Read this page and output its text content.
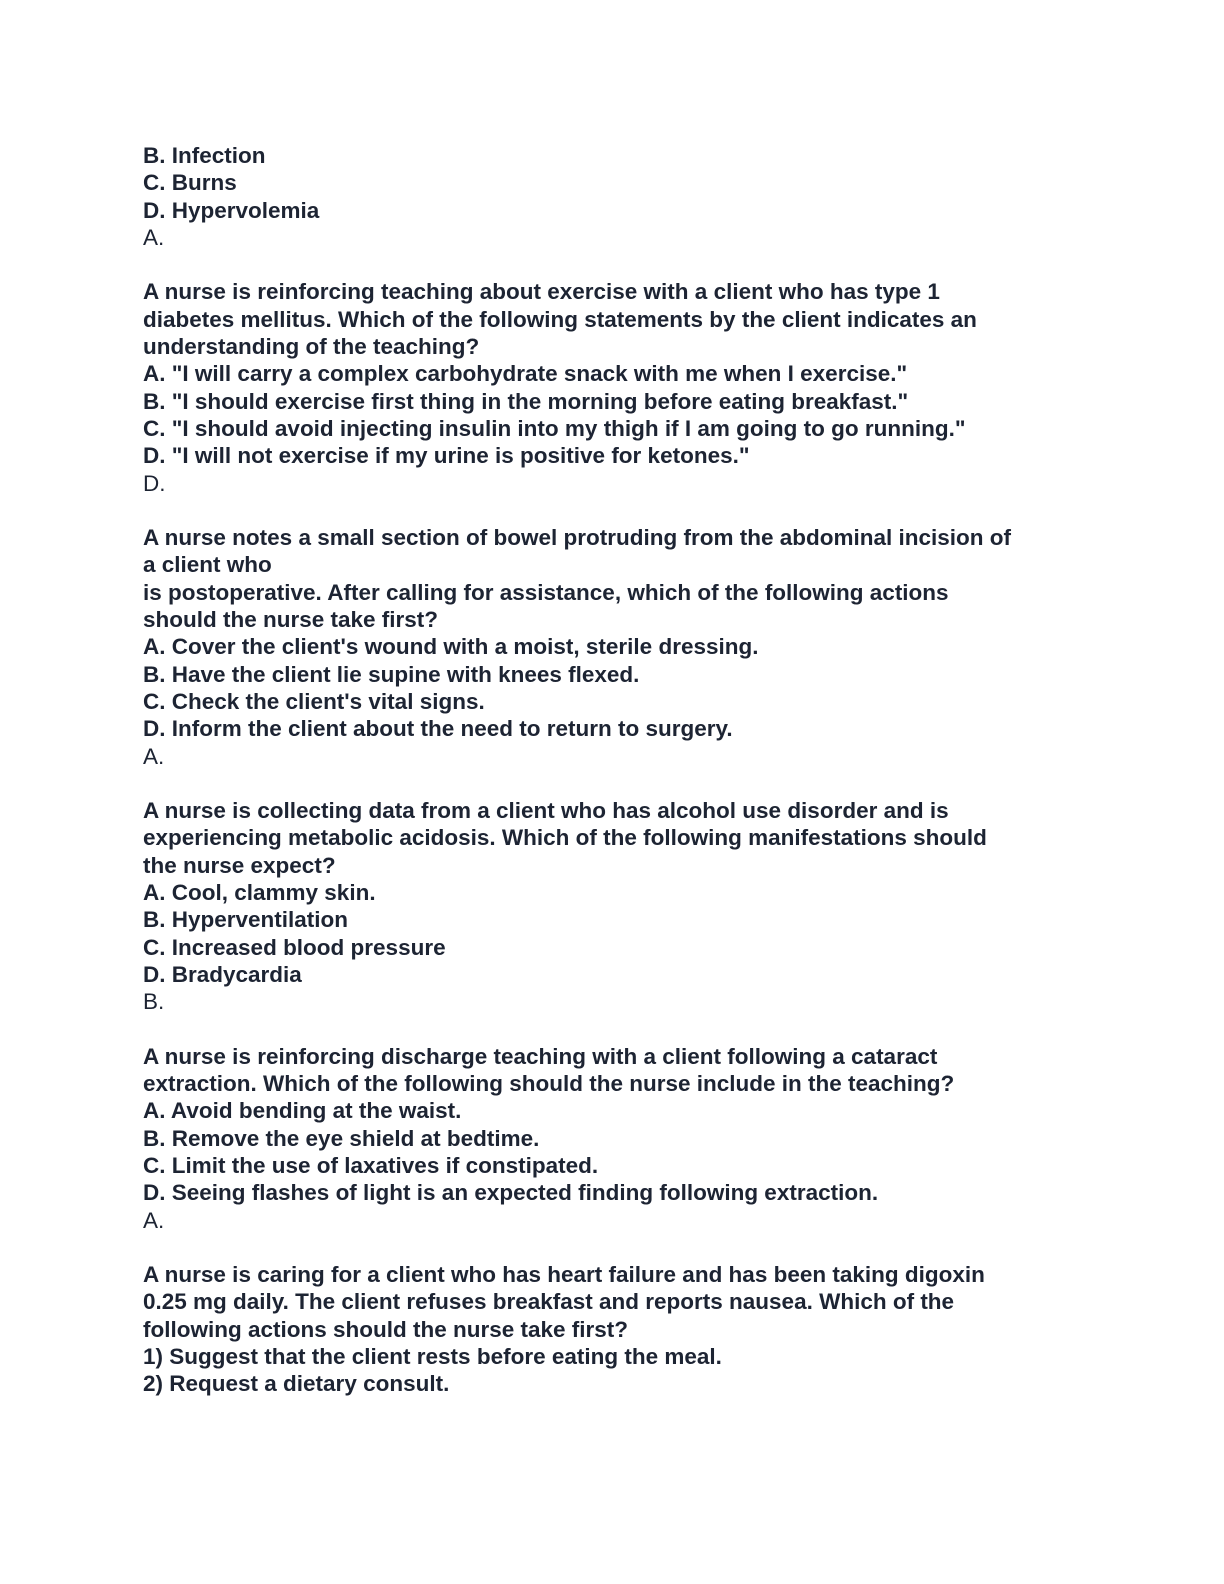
B. Infection
C. Burns
D. Hypervolemia
A.
A nurse is reinforcing teaching about exercise with a client who has type 1
diabetes mellitus. Which of the following statements by the client indicates an
understanding of the teaching?
A. "I will carry a complex carbohydrate snack with me when I exercise."
B. "I should exercise first thing in the morning before eating breakfast."
C. "I should avoid injecting insulin into my thigh if I am going to go running."
D. "I will not exercise if my urine is positive for ketones."
D.
A nurse notes a small section of bowel protruding from the abdominal incision of
a client who
is postoperative. After calling for assistance, which of the following actions
should the nurse take first?
A. Cover the client's wound with a moist, sterile dressing.
B. Have the client lie supine with knees flexed.
C. Check the client's vital signs.
D. Inform the client about the need to return to surgery.
A.
A nurse is collecting data from a client who has alcohol use disorder and is
experiencing metabolic acidosis. Which of the following manifestations should
the nurse expect?
A. Cool, clammy skin.
B. Hyperventilation
C. Increased blood pressure
D. Bradycardia
B.
A nurse is reinforcing discharge teaching with a client following a cataract
extraction. Which of the following should the nurse include in the teaching?
A. Avoid bending at the waist.
B. Remove the eye shield at bedtime.
C. Limit the use of laxatives if constipated.
D. Seeing flashes of light is an expected finding following extraction.
A.
A nurse is caring for a client who has heart failure and has been taking digoxin
0.25 mg daily. The client refuses breakfast and reports nausea. Which of the
following actions should the nurse take first?
1) Suggest that the client rests before eating the meal.
2) Request a dietary consult.
